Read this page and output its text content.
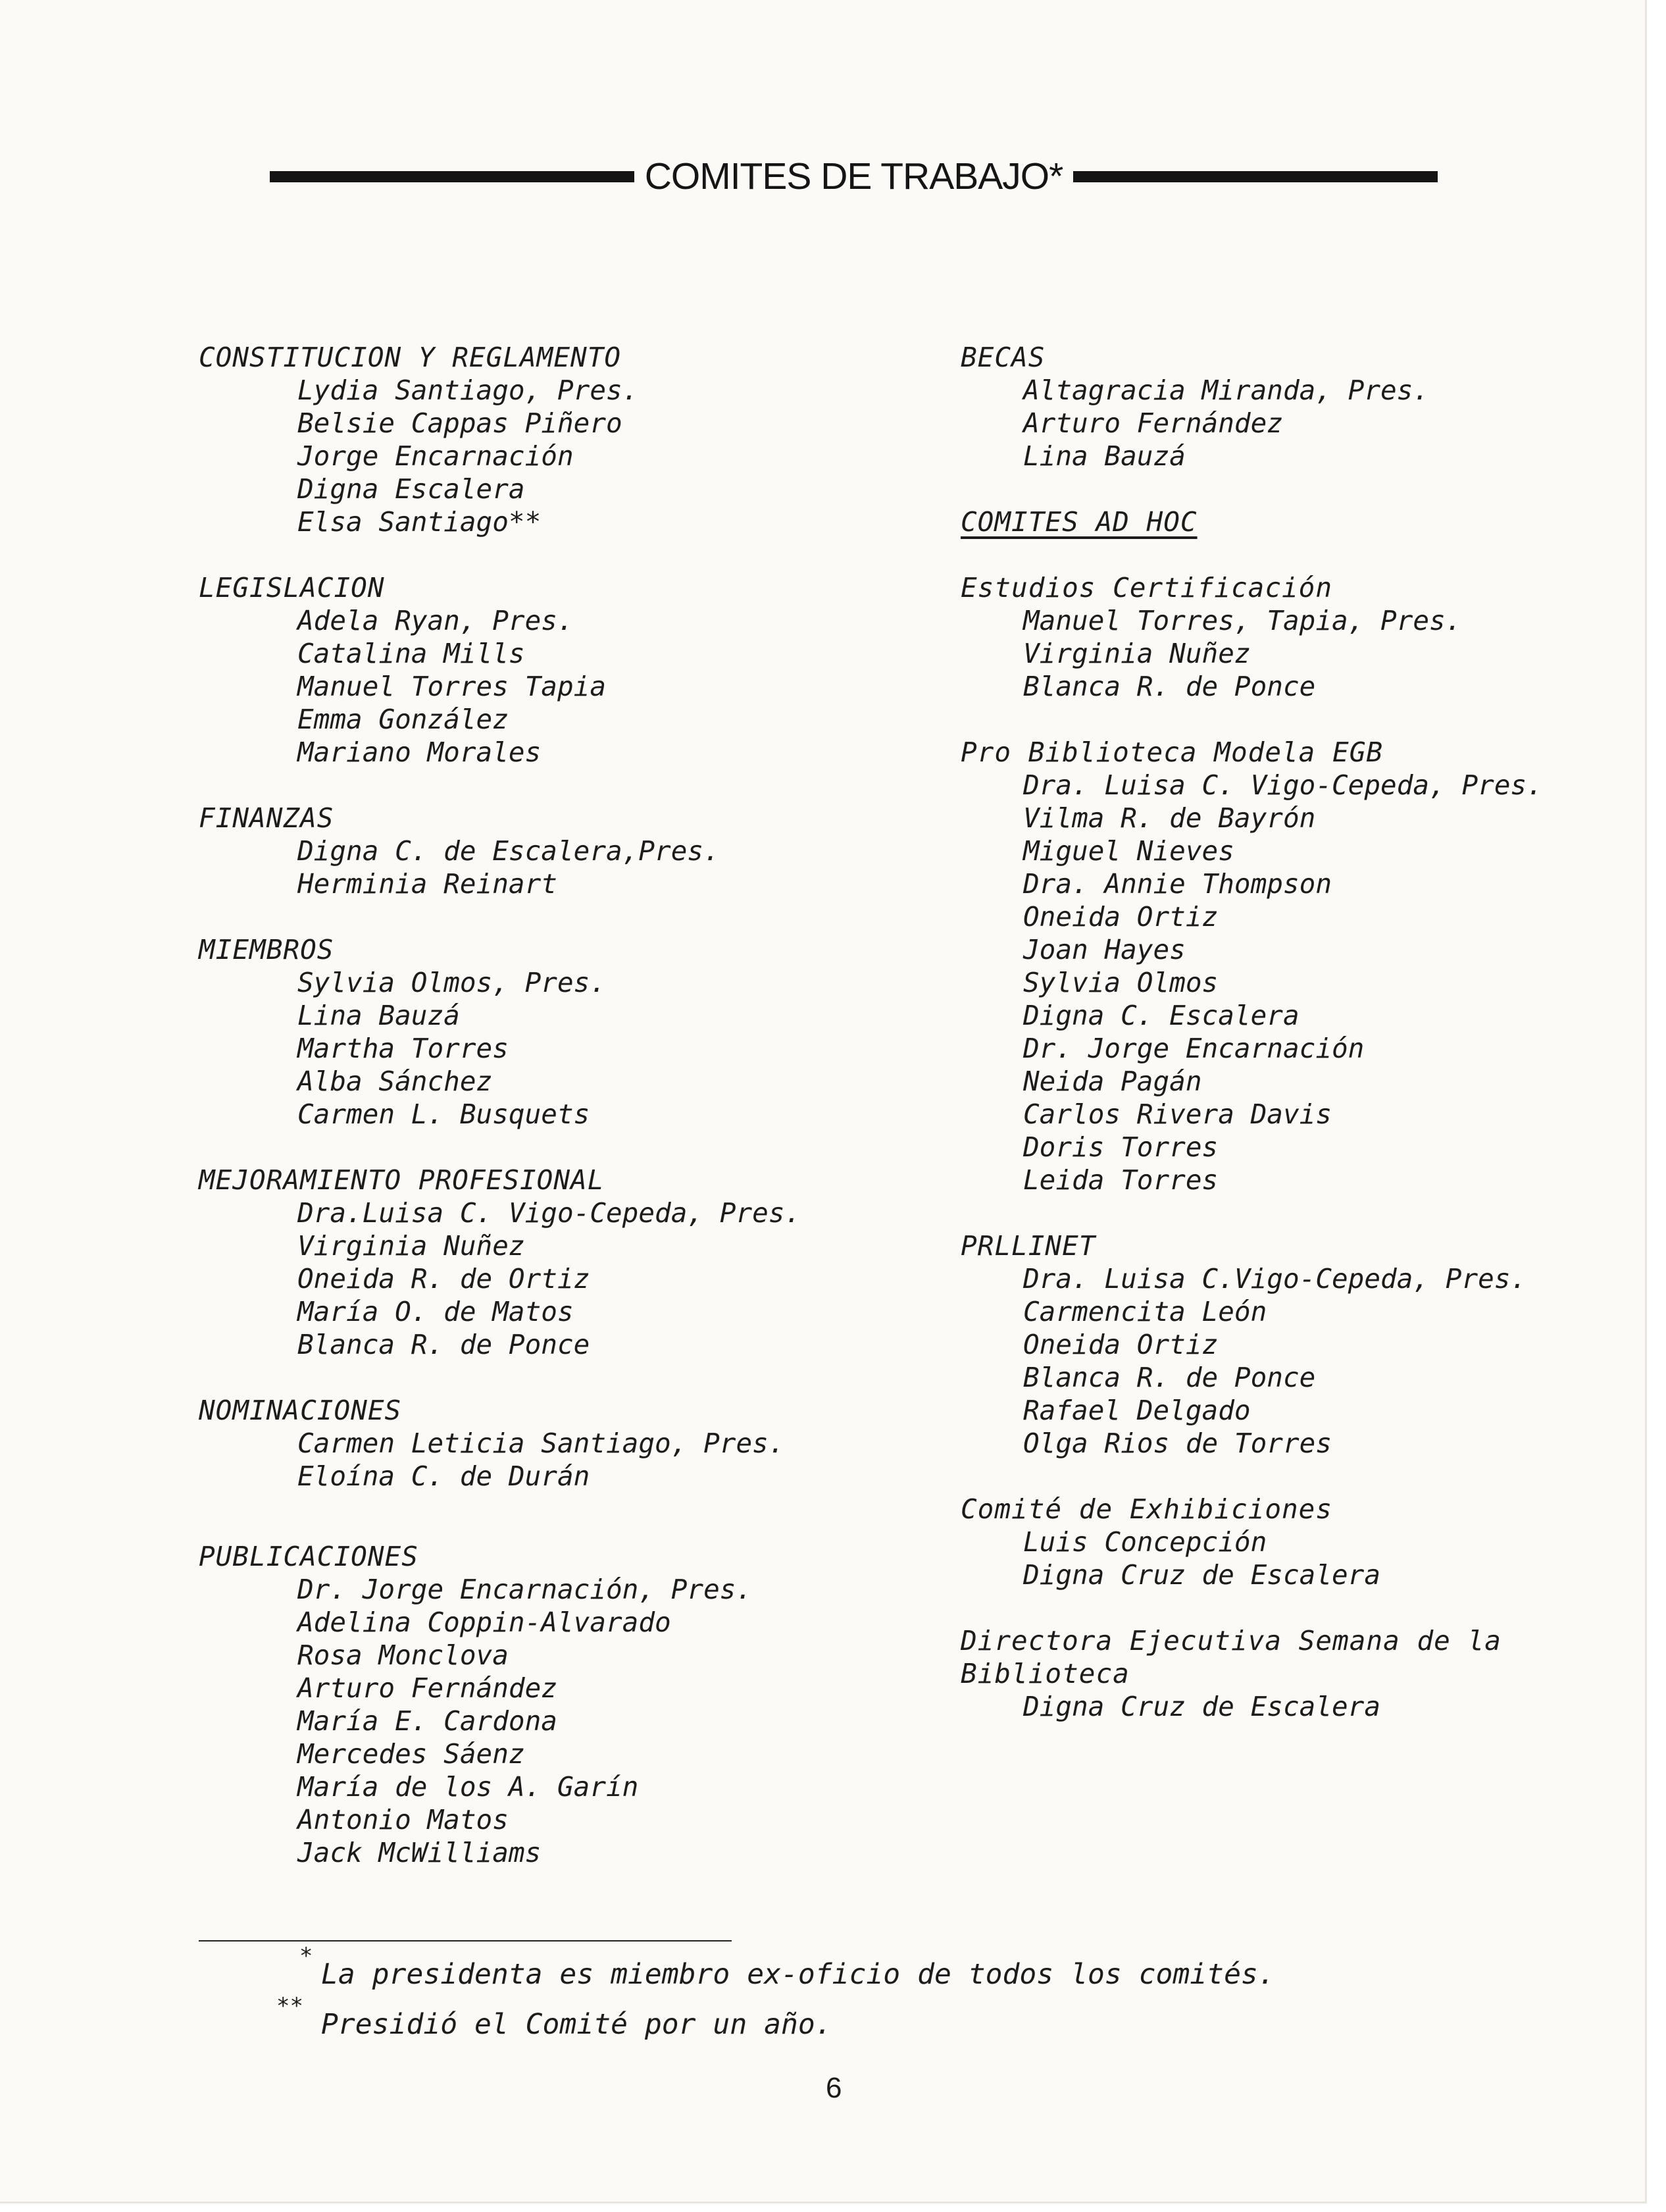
COMITES DE TRABAJO*
CONSTITUCION Y REGLAMENTO
Lydia Santiago, Pres.
Belsie Cappas Piñero
Jorge Encarnación
Digna Escalera
Elsa Santiago**
LEGISLACION
Adela Ryan, Pres.
Catalina Mills
Manuel Torres Tapia
Emma González
Mariano Morales
FINANZAS
Digna C. de Escalera,Pres.
Herminia Reinart
MIEMBROS
Sylvia Olmos, Pres.
Lina Bauzá
Martha Torres
Alba Sánchez
Carmen L. Busquets
MEJORAMIENTO PROFESIONAL
Dra.Luisa C. Vigo-Cepeda, Pres.
Virginia Nuñez
Oneida R. de Ortiz
María O. de Matos
Blanca R. de Ponce
NOMINACIONES
Carmen Leticia Santiago, Pres.
Eloína C. de Durán
PUBLICACIONES
Dr. Jorge Encarnación, Pres.
Adelina Coppin-Alvarado
Rosa Monclova
Arturo Fernández
María E. Cardona
Mercedes Sáenz
María de los A. Garín
Antonio Matos
Jack McWilliams
BECAS
Altagracia Miranda, Pres.
Arturo Fernández
Lina Bauzá
COMITES AD HOC
Estudios Certificación
Manuel Torres, Tapia, Pres.
Virginia Nuñez
Blanca R. de Ponce
Pro Biblioteca Modela EGB
Dra. Luisa C. Vigo-Cepeda, Pres.
Vilma R. de Bayrón
Miguel Nieves
Dra. Annie Thompson
Oneida Ortiz
Joan Hayes
Sylvia Olmos
Digna C. Escalera
Dr. Jorge Encarnación
Neida Pagán
Carlos Rivera Davis
Doris Torres
Leida Torres
PRLLINET
Dra. Luisa C.Vigo-Cepeda, Pres.
Carmencita León
Oneida Ortiz
Blanca R. de Ponce
Rafael Delgado
Olga Rios de Torres
Comité de Exhibiciones
Luis Concepción
Digna Cruz de Escalera
Directora Ejecutiva Semana de la Biblioteca
Digna Cruz de Escalera
*
La presidenta es miembro ex-oficio de todos los comités.
**
Presidió el Comité por un año.
6
